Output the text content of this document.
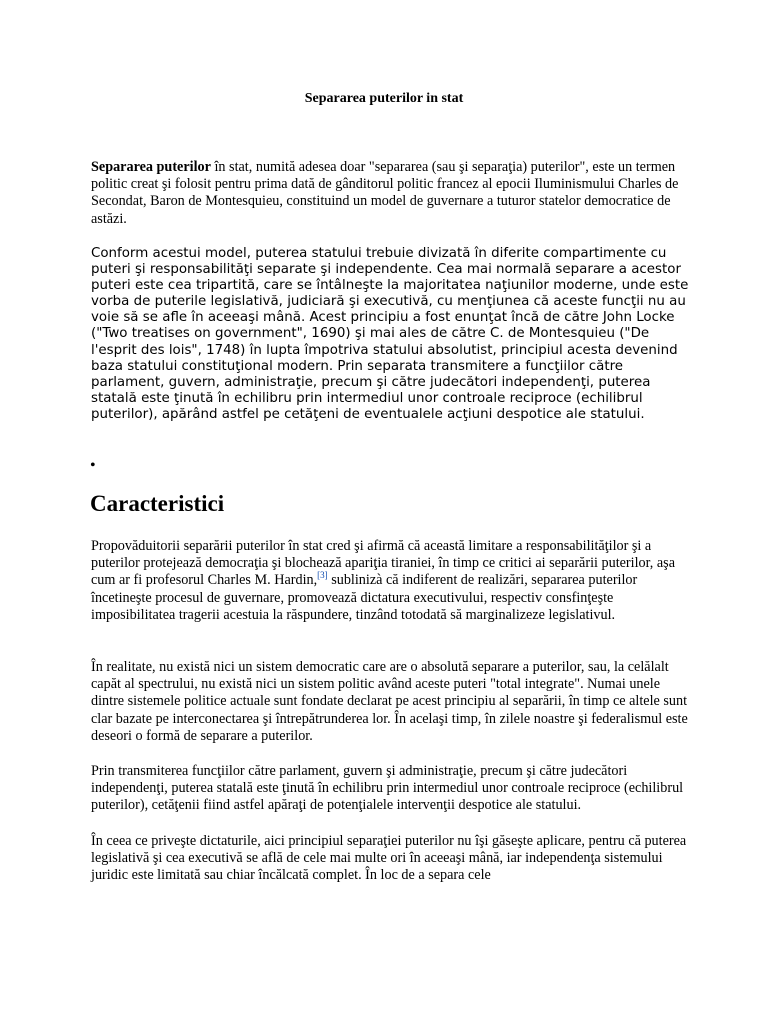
Separarea puterilor in stat

Separarea puterilor în stat, numită adesea doar "separarea (sau şi separaţia) puterilor", este un termen politic creat şi folosit pentru prima dată de gânditorul politic francez al epocii Iluminismului Charles de Secondat, Baron de Montesquieu, constituind un model de guvernare a tuturor statelor democratice de astăzi.

Conform acestui model, puterea statului trebuie divizată în diferite compartimente cu puteri şi responsabilităţi separate şi independente. Cea mai normală separare a acestor puteri este cea tripartită, care se întâlneşte la majoritatea naţiunilor moderne, unde este vorba de puterile legislativă, judiciară şi executivă, cu menţiunea că aceste funcţii nu au voie să se afle în aceeaşi mână. Acest principiu a fost enunţat încă de către John Locke ("Two treatises on government", 1690) şi mai ales de către C. de Montesquieu ("De l'esprit des lois", 1748) în lupta împotriva statului absolutist, principiul acesta devenind baza statului constituţional modern. Prin separata transmitere a funcţiilor către parlament, guvern, administraţie, precum şi către judecători independenţi, puterea statală este ţinută în echilibru prin intermediul unor controale reciproce (echilibrul puterilor), apărând astfel pe cetăţeni de eventualele acţiuni despotice ale statului.

•
Caracteristici

Propovăduitorii separării puterilor în stat cred şi afirmă că această limitare a responsabilităţilor şi a puterilor protejează democraţia şi blochează apariţia tiraniei, în timp ce critici ai separării puterilor, aşa cum ar fi profesorul Charles M. Hardin,[3] sublinizà că indiferent de realizări, separarea puterilor încetineşte procesul de guvernare, promovează dictatura executivului, respectiv consfinţeşte imposibilitatea tragerii acestuia la răspundere, tinzând totodată să marginalizeze legislativul.

În realitate, nu există nici un sistem democratic care are o absolută separare a puterilor, sau, la celălalt capăt al spectrului, nu există nici un sistem politic având aceste puteri "total integrate". Numai unele dintre sistemele politice actuale sunt fondate declarat pe acest principiu al separării, în timp ce altele sunt clar bazate pe interconectarea şi întrepătrunderea lor. În acelaşi timp, în zilele noastre şi federalismul este deseori o formă de separare a puterilor.

Prin transmiterea funcţiilor către parlament, guvern şi administraţie, precum şi către judecători independenţi, puterea statală este ţinută în echilibru prin intermediul unor controale reciproce (echilibrul puterilor), cetăţenii fiind astfel apăraţi de potenţialele intervenţii despotice ale statului.

În ceea ce priveşte dictaturile, aici principiul separaţiei puterilor nu îşi găseşte aplicare, pentru că puterea legislativă şi cea executivă se află de cele mai multe ori în aceeaşi mână, iar independenţa sistemului juridic este limitată sau chiar încălcată complet. În loc de a separa cele
